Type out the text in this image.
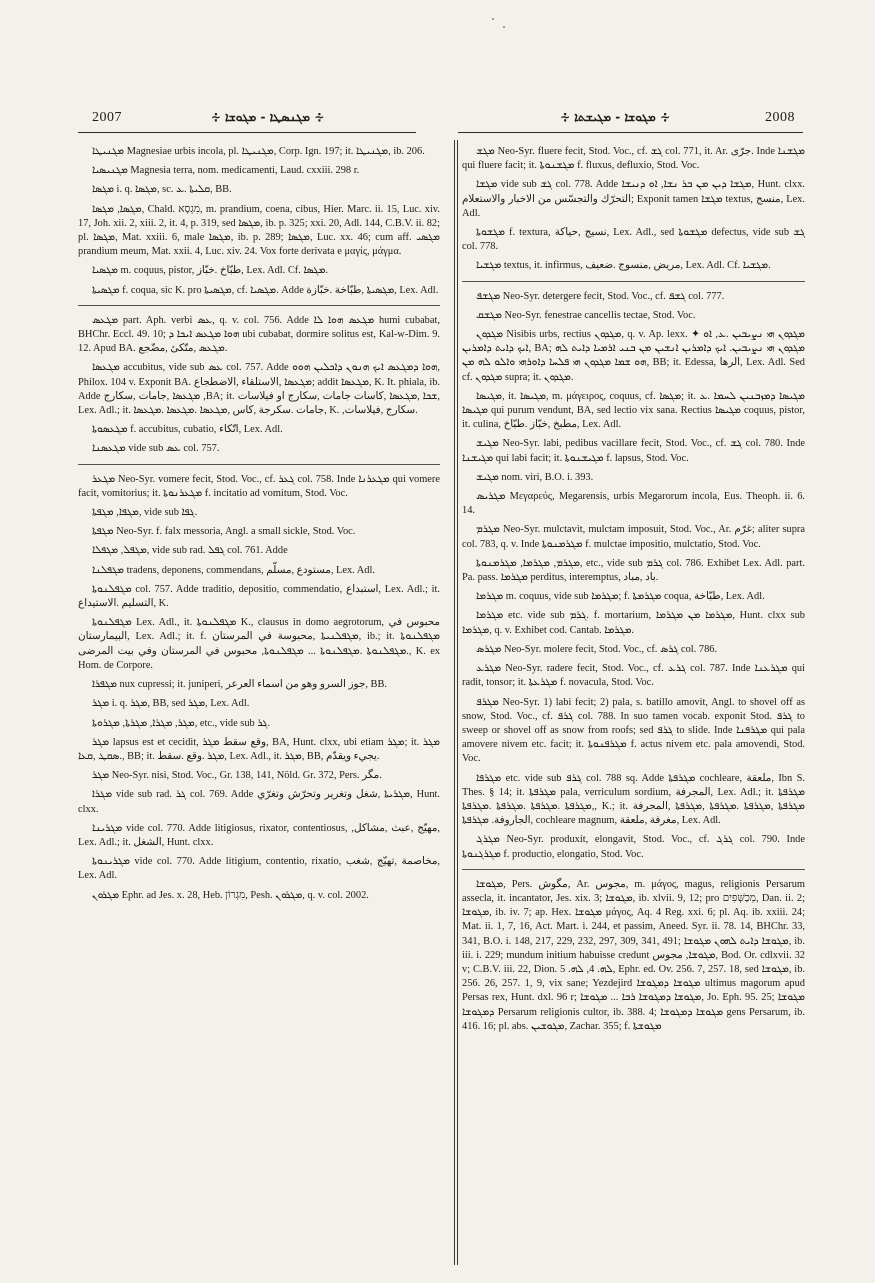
2007	∻ ܡܓܢܣܛܐ - ܡܓܘܫܐ ∻	∻ ܡܓܘܫܐ - ܡܓܝܫܬܐ ∻	2008

ܡܓܢܝܛܐ Magnesiae urbis incola, pl. ܡܓܢܝܛܐ, Corp. Ign. 197; it. ܡܓܢܝܛܐ, ib. 206.

ܡܓܢܝܣܝܐ Magnesia terra, nom. medicamenti, Laud. cxxiii. 298 r.

ܡܓܣܐ i. q. ܡܓܣܐ, sc. ܩܠܝܬܐ .ܥ, BB.

ܡܓܣܐ, ܡܓܣܐ, Chald. מִגְסָא, m. prandium, coena, cibus, Hier. Marc. ii. 15, Luc. xiv. 17, Joh. xii. 2, xiii. 2, it. 4, p. 319, sed ܡܓܣܐ, ib. p. 325; xxi. 20, Adl. 144, C.B.V. ii. 82; pl. ܡܓܣܐ, Mat. xxiii. 6, male ܡܓܣܐ, ib. p. 289; ܡܓܣܐ, Luc. xx. 46; cum aff. ܡܓܣܝ prandium meum, Mat. xxii. 4, Luc. xiv. 24. Vox forte derivata e μαγίς, μάγμα.

ܡܓܣܝܐ m. coquus, pistor, طبّاخ .خبّاز, Lex. Adl. Cf. ܡܓܣܐ.

ܡܓܣܝܬܐ f. coqua, sic K. pro ܡܓܣܝܬܐ, cf. ܡܓܣܝܐ. Adde ܡܓܣܝܬܐ ,طبّاخة .خبّازة, Lex. Adl.

ܡܓܥܣ part. Aph. verbi ܥܣ, q. v. col. 756. Adde ܡܓܥܣ ܗܘܐ ܠܐ humi cubabat, BHChr. Eccl. 49. 10; ܗܘܐ ܡܓܥܣ ܐܝܟܐ ܕ ubi cubabat, dormire solitus est, Kal-w-Dim. 9. 12. Apud BA. ܡܓܥܣ ,متّكئ ,مضّجع.

ܡܓܥܣܐ accubitus, vide sub ܥܣ col. 757. Adde ܗܘܐ ܕܡܓܥܣ ܐܝܟ ܗܢܘܢ ܕܐܟܠܝܢ ܗܘܘ, Philox. 104 v. Exponit BA. ܡܓܥܣܐ ,الاستلقاء ,الاضطجاع; addit ܡܓܥܣܐ, K. It. phiala, ib. Adde ܡܓܥܣܐ ,جامات ,سكارج ,BA; it. ܫܟܐ ,ܡܓܥܣܐ ,كاسات جامات ,سكارج او فيلاسات, Lex. Adl.; it. جامات .سكرجة ,كاس ,ܡܓܥܣܐ .ܡܓܥܣܐ .ܡܓܥܣܐ, K. ,سكارج ,فيلاسات.

ܡܓܥܣܘܬܐ f. accubitus, cubatio, اتّكاء, Lex. Adl.

ܡܓܥܣܢܐ vide sub ܥܣ col. 757.

ܡܓܥܪ Neo-Syr. vomere fecit, Stod. Voc., cf. ܓܥܪ col. 758. Inde ܡܓܥܪܢܐ qui vomere facit, vomitorius; it. ܡܓܥܪܢܘܬܐ f. incitatio ad vomitum, Stod. Voc.

ܡܓܦܐ, ܡܓܦܬܐ, vide sub ܓܦܐ.

ܡܓܦܬܐ Neo-Syr. f. falx messoria, Angl. a small sickle, Stod. Voc.

ܡܓܦܠ, ܡܓܦܠܐ, vide sub rad. ܓܦܠ col. 761. Adde

ܡܓܦܠܢܐ tradens, deponens, commendans, مستودع ,مسلّم, Lex. Adl.

ܡܓܦܠܢܘܬܐ col. 757. Adde traditio, depositio, commendatio, استبداع, Lex. Adl.; it. التسليم .الاستيداع, K.

ܡܓܦܠܢܘܬܐ Lex. Adl., it. ܡܓܦܠܢܘܬܐ K., clausus in domo aegrotorum, محبوس في البيمارستان, Lex. Adl.; it. f. ܡܓܦܠܢܝܬܐ ,محبوسة في المرستان, ib.; it. ܡܓܦܠܢܘܬܐ .ܡܓܦܠܢܘܬܐ .ܡܓܦܠܢܘܬܐ ... ܡܓܦܠܢܘܬܐ, محبوس في المرستان وفي بيت المرضى, K. ex Hom. de Corpore.

ܡܓܦܪܐ nux cupressi; it. juniperi, جوز السرو وهو من اسماء العرعر, BB.

ܡܓܪ i. q. ܡܓܪ, BB, sed ܡܓܪ, Lex. Adl.

ܡܓܪ, ܡܓܪܐ, ܡܓܪܬܐ, ܡܓܪܘܬܐ, etc., vide sub ܓܪ.

ܡܓܪ lapsus est et cecidit, وقع سقط ܡܓܪ, BA, Hunt. clxx, ubi etiam ܡܓܪ; it. ܡܓܪ .ܣܩܛ ,ܩܥܐ, BB; it. ܡܓܪ .وقع .سقط, Lex. Adl., it. ܡܓܪ, BB, يجيء ويقدّم.

ܡܓܪ Neo-Syr. nisi, Stod. Voc., Gr. 138, 141, Nöld. Gr. 372, Pers. مگر.

ܡܓܪܐ vide sub rad. ܓܪ col. 769. Adde ܡܓܪܝܬܐ ,شغل وتغرير وتحرّش وتغرّي, Hunt. clxx.

ܡܓܪܝܢܐ vide col. 770. Adde litigiosus, rixator, contentiosus, ,مهيّج ,عبث ,مشاكل, Lex. Adl.; it. الشغل, Hunt. clxx.

ܡܓܪܝܢܘܬܐ vide col. 770. Adde litigium, contentio, rixatio, مخاصمة ,تهيّج ,شغب, Lex. Adl.

ܡܓܪܘܢ Ephr. ad Jes. x. 28, Heb. מִגְרוֹן, Pesh. ܡܓܪܘܢ, q. v. col. 2002.

ܡܓܫ Neo-Syr. fluere fecit, Stod. Voc., cf. ܓܫ col. 771, it. Ar. جرّى. Inde ܡܓܫܢܐ qui fluere facit; it. ܡܓܫܢܘܬܐ f. fluxus, defluxio, Stod. Voc.

ܡܓܫܐ vide sub ܓܫ col. 778. Adde ܡܓܫܐ ܕܝܢ ܡܢ ܒܪ ܢܫܐ, ܐܘ ܕܢܝܫܐ, Hunt. clxx. التحرّك والتجسّس من الاخبار والاستعلام; Exponit tamen ܡܓܫܐ textus, منسج, Lex. Adl.

ܡܓܫܘܬܐ f. textura, نسيج ,حياكة, Lex. Adl., sed ܡܓܫܘܬܐ defectus, vide sub ܓܫ col. 778.

ܡܓܫܝܐ textus, it. infirmus, مريض ,منسوج .ضعيف, Lex. Adl. Cf. ܡܓܫܝܐ.

ܡܓܫܦ Neo-Syr. detergere fecit, Stod. Voc., cf. ܓܫܦ col. 777.

ܡܓܫܩ Neo-Syr. fenestrae cancellis tectae, Stod. Voc.

ܡܓܕܘܢ Nisibis urbs, rectius ܡܓܕܘܢ, q. v. Ap. lexx. ✦ ܡܓܕܘܢ ܗܝ ܢܨܝܒܝܢ .ܥ, ܐܘ ܐܝܟ ܕܐܝܬ ܕܐܡܪܝܢ, BA; ܡܓܕܘܢ ܗܝ ܢܨܝܒܝܢ. ܐܝܟ ܕܐܡܪܝܢ ܐܢܫܝܢ ܡܢ ܒܢܝ ܐܪܡܝܐ ܕܐܝܬ ܠܗ ܗܘ ܫܡܐ ܡܓܕܘܢ ܗܝ ܦܠܚܐ ܕܐܘܪܗܝ ܘܐܠܘ ܠܗ ܡܢ, BB; it. Edessa, الرها, Lex. Adl. Sed cf. ܡܓܕܘܢ supra; it. ܡܓܕܘܢ.

ܡܓܝܣܐ, it. ܡܓܝܣܐ, m. μάγειρος, coquus, cf. ܡܓܣܐ; it. ܡܓܝܣܐ ܕܡܙܒܢܝܢ ܠܚܡܐ .ܥ ܡܓܝܣܐ qui purum vendunt, BA, sed lectio vix sana. Rectius ܡܓܝܣܐ coquus, pistor, it. culina, مطبخ ,خبّاز .طبّاخ, Lex. Adl.

ܡܓܝܫ Neo-Syr. labi, pedibus vacillare fecit, Stod. Voc., cf. ܓܫ col. 780. Inde ܡܓܝܫܢܐ qui labi facit; it. ܡܓܝܫܢܘܬܐ f. lapsus, Stod. Voc.

ܡܓܝܫ nom. viri, B.O. i. 393.

ܡܓܪܝܣ Μεγαρεύς, Megarensis, urbis Megarorum incola, Eus. Theoph. ii. 6. 14.

ܡܓܪܡ Neo-Syr. mulctavit, mulctam imposuit, Stod. Voc., Ar. غرّم; aliter supra col. 783, q. v. Inde ܡܓܪܡܢܘܬܐ f. mulctae impositio, mulctatio, Stod. Voc.

ܡܓܪܡ, ܡܓܪܡܐ, ܡܓܪܡܢܘܬܐ, etc., vide sub ܓܪܡ col. 786. Exhibet Lex. Adl. part. Pa. pass. ܡܓܪܡܐ perditus, interemptus, باد ,مباد.

ܡܓܪܡܐ m. coquus, vide sub ܡܓܪܡܐ; f. ܡܓܪܡܬܐ coqua, طبّاخة, Lex. Adl.

ܡܓܪܡܐ etc. vide sub ܓܪܡ. f. mortarium, ܡܓܪܡܐ ܡܢ ܡܓܪܡܐ, Hunt. clxx sub ܡܓܪܡܐ, q. v. Exhibet cod. Cantab. ܡܓܪܡܐ.

ܡܓܪܣ Neo-Syr. molere fecit, Stod. Voc., cf. ܓܪܣ col. 786.

ܡܓܪܥ Neo-Syr. radere fecit, Stod. Voc., cf. ܓܪܥ col. 787. Inde ܡܓܪܥܢܐ qui radit, tonsor; it. ܡܓܪܥܬܐ f. novacula, Stod. Voc.

ܡܓܪܦ Neo-Syr. 1) labi fecit; 2) pala, s. batillo amovit, Angl. to shovel off as snow, Stod. Voc., cf. ܓܪܦ col. 788. In suo tamen vocab. exponit Stod. ܓܪܦ to sweep or shovel off as snow from roofs; sed ܓܪܦ to slide. Inde ܡܓܪܦܢܐ qui pala amovere nivem etc. facit; it. ܡܓܪܦܢܘܬܐ f. actus nivem etc. pala amovendi, Stod. Voc.

ܡܓܪܦܐ etc. vide sub ܓܪܦ col. 788 sq. Adde ܡܓܪܦܬܐ cochleare, ملعقة, Ibn S. Thes. § 14; it. ܡܓܪܦܬܐ pala, verriculum sordium, المجرفة, Lex. Adl.; it. ܡܓܪܦܬܐ ,ܡܓܪܦܬܐ .ܡܓܪܦܬܐ .ܡܓܪܦܬܐ .ܡܓܪܦܬܐ, K.; it. ܡܓܪܦܬܐ ,ܡܓܪܦܬܐ .ܡܓܪܦܬܐ ,ܡܓܪܦܬܐ ,المجرفة ,الجاروفة. ܡܓܪܦܬܐ cochleare magnum, مغرفة ,ملعقة, Lex. Adl.

ܡܓܪܓ Neo-Syr. produxit, elongavit, Stod. Voc., cf. ܓܪܓ col. 790. Inde ܡܓܪܓܢܘܬܐ f. productio, elongatio, Stod. Voc.

ܡܓܘܫܐ, Pers. مگوش, Ar. مجوس, m. μάγος, magus, religionis Persarum asseclа, it. incantator, Jes. xix. 3; ܡܓܘܫܐ, ib. xlvii. 9, 12; pro מְכַשְּׁפִים, Dan. ii. 2; ܡܓܘܫܐ, ib. iv. 7; ap. Hex. ܡܓܘܫܐ μάγος, Aq. 4 Reg. xxi. 6; pl. Aq. ib. xxiii. 24; Mat. ii. 1, 7, 16, Act. Mart. i. 244, et passim, Aneed. Syr. ii. 78. 14, BHChr. 33, 341, B.O. i. 148, 217, 229, 232, 297, 309, 341, 491; ܡܓܘܫܐ ܕܐܝܬ ܠܗܘܢ ܡܓܘܫܐ, ib. iii. i. 229; mundum initium habuisse credunt ܡܓܘܫܐ, مجوس, Bod. Or. cdlxvii. 32 v; C.B.V. iii. 22, Dion. ܠܗ. 4, ܠܗ. 5, Ephr. ed. Ov. 256. 7, 257. 18, sed ܡܓܘܫܐ, ib. 256. 26, 257. 1, 9, vix sane; Yezdejird ܡܓܘܫܐ ܕܡܓܘܫܐ ultimus magorum apud Persas rex, Hunt. dxl. 96 r; ܡܓܘܫܐ ܕܡܓܘܫܐ ܪܒܐ ... ܡܓܘܫܐ, Jo. Eph. 95. 25; ܡܓܘܫܐ ܕܡܓܘܫܐ Persarum religionis cultor, ib. 388. 4; ܡܓܘܫܐ ܕܡܓܘܫܐ gens Persarum, ib. 416. 16; pl. abs. ܡܓܘܫܝܢ, Zachar. 355; f. ܡܓܘܫܬܐ
